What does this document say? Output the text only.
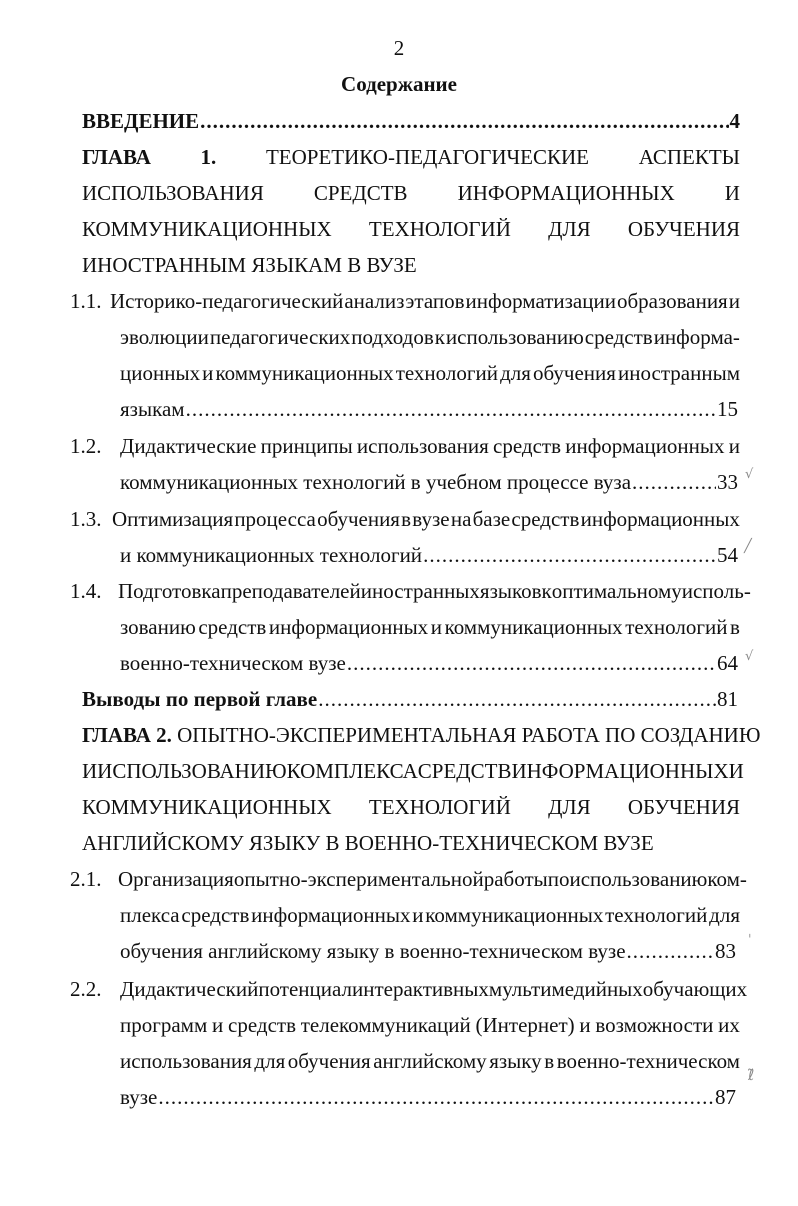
2
Содержание
ВВЕДЕНИЕ .....	4
ГЛАВА 1. ТЕОРЕТИКО-ПЕДАГОГИЧЕСКИЕ АСПЕКТЫ
ИСПОЛЬЗОВАНИЯ СРЕДСТВ ИНФОРМАЦИОННЫХ И
КОММУНИКАЦИОННЫХ ТЕХНОЛОГИЙ ДЛЯ ОБУЧЕНИЯ
ИНОСТРАННЫМ ЯЗЫКАМ В ВУЗЕ
1.1. Историко-педагогический анализ этапов информатизации образования и
эволюции педагогических подходов к использованию средств информа-
ционных и коммуникационных технологий для обучения иностранным
языкам .....	15
1.2. Дидактические принципы использования средств информационных и
коммуникационных технологий в учебном процессе вуза .....	33 √
1.3. Оптимизация процесса обучения в вузе на базе средств информационных
и коммуникационных технологий .....	54 ╱
1.4. Подготовка преподавателей иностранных языков к оптимальному исполь-
зованию средств информационных и коммуникационных технологий в
военно-техническом вузе .....	64 √
Выводы по первой главе .....	81
ГЛАВА 2. ОПЫТНО-ЭКСПЕРИМЕНТАЛЬНАЯ РАБОТА ПО СОЗДАНИЮ
И ИСПОЛЬЗОВАНИЮ КОМПЛЕКСА СРЕДСТВ ИНФОРМАЦИОННЫХ И
КОММУНИКАЦИОННЫХ ТЕХНОЛОГИЙ ДЛЯ ОБУЧЕНИЯ
АНГЛИЙСКОМУ ЯЗЫКУ В ВОЕННО-ТЕХНИЧЕСКОМ ВУЗЕ
2.1. Организация опытно-экспериментальной работы по использованию ком-
плекса средств информационных и коммуникационных технологий для
обучения английскому языку в военно-техническом вузе .....	83 ˈ
2.2. Дидактический потенциал интерактивных мультимедийных обучающих
программ и средств телекоммуникаций (Интернет) и возможности их
использования для обучения английскому языку в военно-техническом
вузе .....	87
ℓ̃
